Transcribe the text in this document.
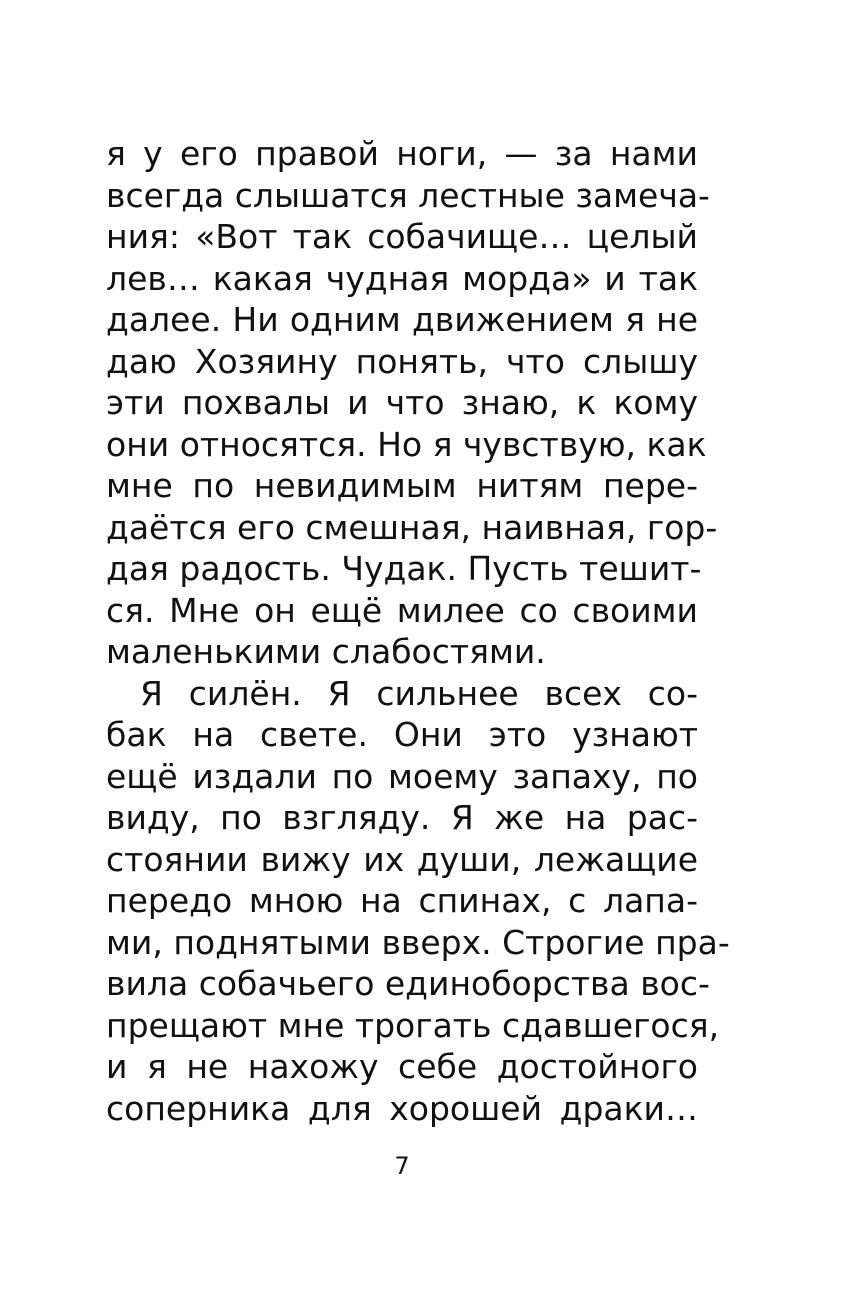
я у его правой ноги, — за нами
всегда слышатся лестные замеча-
ния: «Вот так собачище… целый
лев… какая чудная морда» и так
далее. Ни одним движением я не
даю Хозяину понять, что слышу
эти похвалы и что знаю, к кому
они относятся. Но я чувствую, как
мне по невидимым нитям пере-
даётся его смешная, наивная, гор-
дая радость. Чудак. Пусть тешит-
ся. Мне он ещё милее со своими
маленькими слабостями.
Я силён. Я сильнее всех со-
бак на свете. Они это узнают
ещё издали по моему запаху, по
виду, по взгляду. Я же на рас-
стоянии вижу их души, лежащие
передо мною на спинах, с лапа-
ми, поднятыми вверх. Строгие пра-
вила собачьего единоборства вос-
прещают мне трогать сдавшегося,
и я не нахожу себе достойного
соперника для хорошей драки…
7
